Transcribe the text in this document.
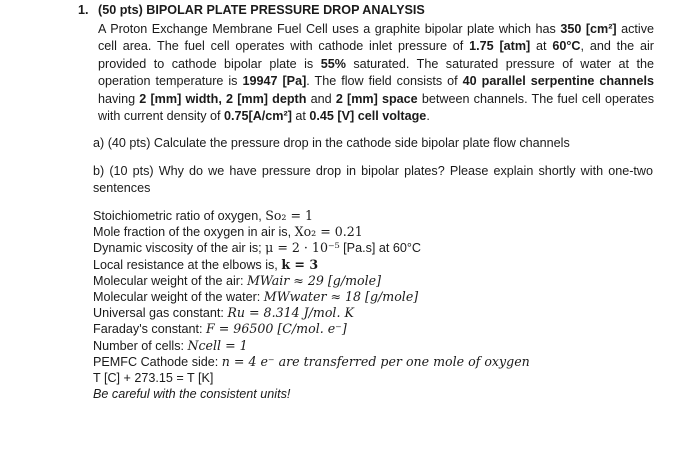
1. (50 pts) BIPOLAR PLATE PRESSURE DROP ANALYSIS
A Proton Exchange Membrane Fuel Cell uses a graphite bipolar plate which has 350 [cm²] active cell area. The fuel cell operates with cathode inlet pressure of 1.75 [atm] at 60°C, and the air provided to cathode bipolar plate is 55% saturated. The saturated pressure of water at the operation temperature is 19947 [Pa]. The flow field consists of 40 parallel serpentine channels having 2 [mm] width, 2 [mm] depth and 2 [mm] space between channels. The fuel cell operates with current density of 0.75[A/cm²] at 0.45 [V] cell voltage.
a) (40 pts) Calculate the pressure drop in the cathode side bipolar plate flow channels
b) (10 pts) Why do we have pressure drop in bipolar plates? Please explain shortly with one-two sentences
Stoichiometric ratio of oxygen, So₂ = 1
Mole fraction of the oxygen in air is, Xo₂ = 0.21
Dynamic viscosity of the air is; μ = 2 · 10⁻⁵ [Pa.s] at 60°C
Local resistance at the elbows is, k = 3
Molecular weight of the air: MWair ≈ 29 [g/mole]
Molecular weight of the water: MWwater ≈ 18 [g/mole]
Universal gas constant: Ru = 8.314 J/mol. K
Faraday's constant: F = 96500 [C/mol. e⁻]
Number of cells: Ncell = 1
PEMFC Cathode side: n = 4 e⁻ are transferred per one mole of oxygen
T [C] + 273.15 = T [K]
Be careful with the consistent units!
